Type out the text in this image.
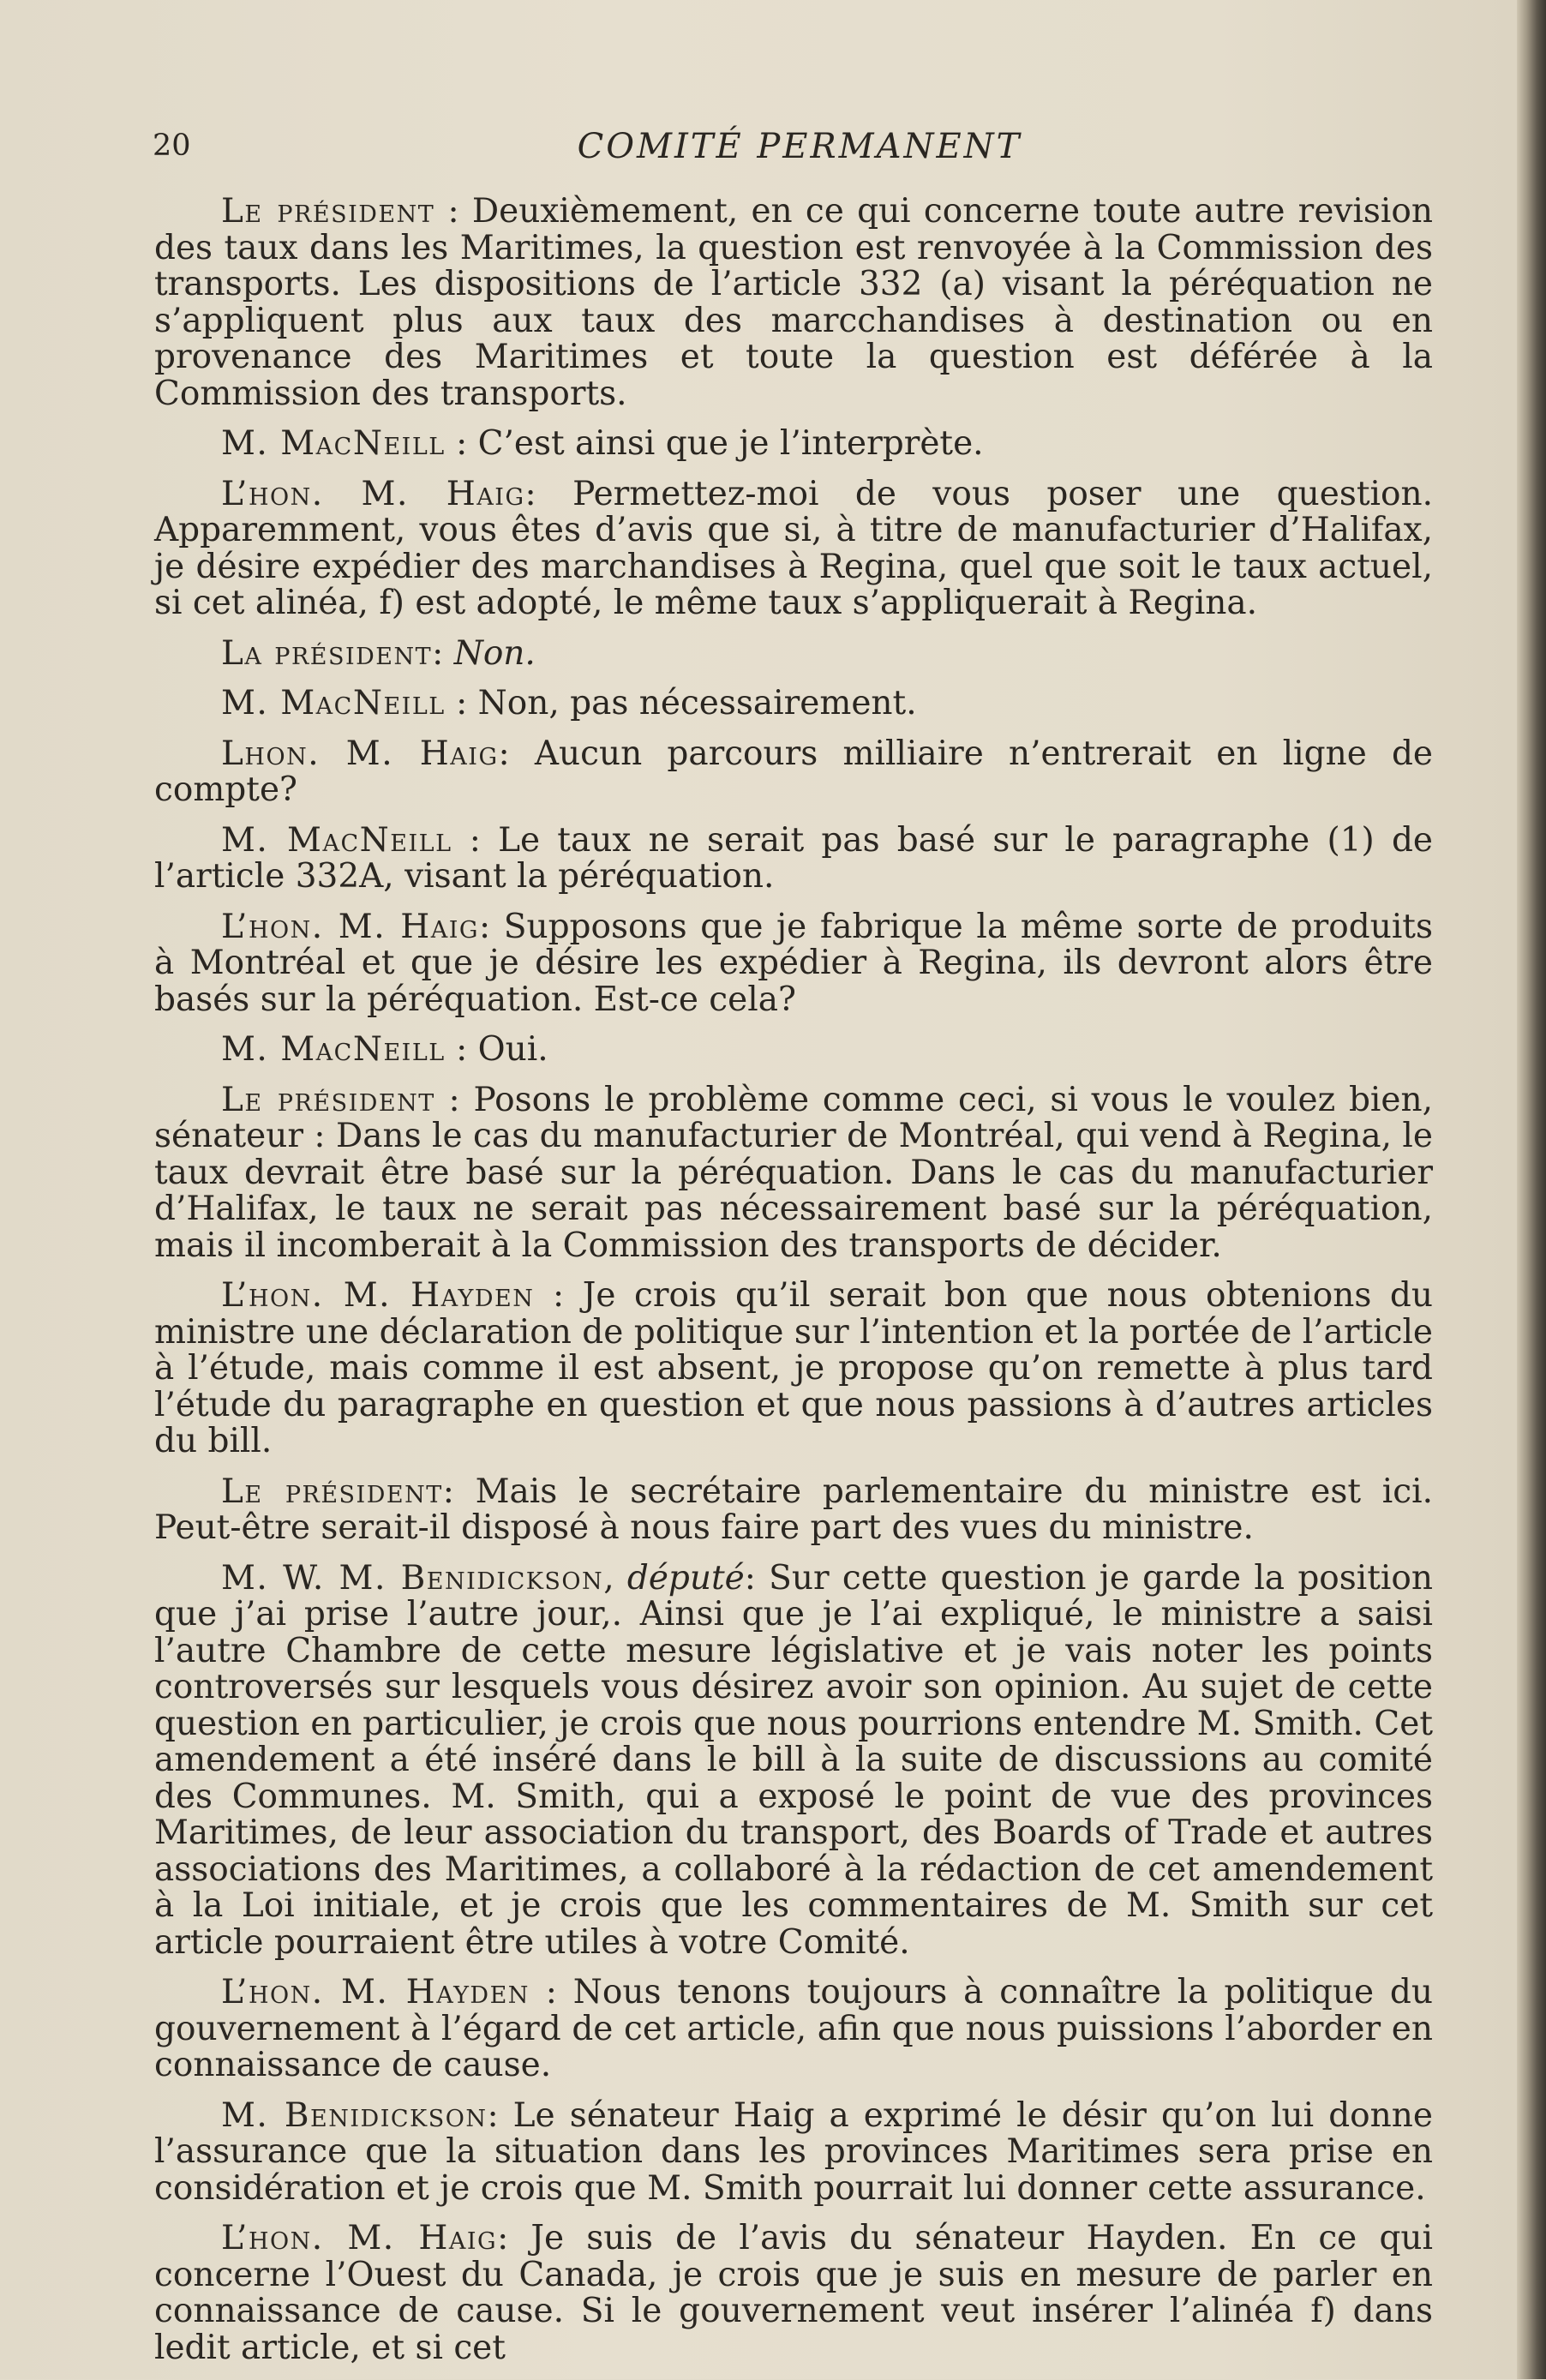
20	COMITÉ PERMANENT

Le président : Deuxièmement, en ce qui concerne toute autre revision des taux dans les Maritimes, la question est renvoyée à la Commission des transports. Les dispositions de l’article 332 (a) visant la péréquation ne s’appliquent plus aux taux des marcchandises à destination ou en provenance des Maritimes et toute la question est déférée à la Commission des transports.

M. MacNeill : C’est ainsi que je l’interprète.

L’hon. M. Haig: Permettez-moi de vous poser une question. Apparemment, vous êtes d’avis que si, à titre de manufacturier d’Halifax, je désire expédier des marchandises à Regina, quel que soit le taux actuel, si cet alinéa, f) est adopté, le même taux s’appliquerait à Regina.

La président: Non.

M. MacNeill : Non, pas nécessairement.

Lhon. M. Haig: Aucun parcours milliaire n’entrerait en ligne de compte?

M. MacNeill : Le taux ne serait pas basé sur le paragraphe (1) de l’article 332A, visant la péréquation.

L’hon. M. Haig: Supposons que je fabrique la même sorte de produits à Montréal et que je désire les expédier à Regina, ils devront alors être basés sur la péréquation. Est-ce cela?

M. MacNeill : Oui.

Le président : Posons le problème comme ceci, si vous le voulez bien, sénateur : Dans le cas du manufacturier de Montréal, qui vend à Regina, le taux devrait être basé sur la péréquation. Dans le cas du manufacturier d’Halifax, le taux ne serait pas nécessairement basé sur la péréquation, mais il incomberait à la Commission des transports de décider.

L’hon. M. Hayden : Je crois qu’il serait bon que nous obtenions du ministre une déclaration de politique sur l’intention et la portée de l’article à l’étude, mais comme il est absent, je propose qu’on remette à plus tard l’étude du paragraphe en question et que nous passions à d’autres articles du bill.

Le président: Mais le secrétaire parlementaire du ministre est ici. Peut-être serait-il disposé à nous faire part des vues du ministre.

M. W. M. Benidickson, député: Sur cette question je garde la position que j’ai prise l’autre jour,. Ainsi que je l’ai expliqué, le ministre a saisi l’autre Chambre de cette mesure législative et je vais noter les points controversés sur lesquels vous désirez avoir son opinion. Au sujet de cette question en particulier, je crois que nous pourrions entendre M. Smith. Cet amendement a été inséré dans le bill à la suite de discussions au comité des Communes. M. Smith, qui a exposé le point de vue des provinces Maritimes, de leur association du transport, des Boards of Trade et autres associations des Maritimes, a collaboré à la rédaction de cet amendement à la Loi initiale, et je crois que les commentaires de M. Smith sur cet article pourraient être utiles à votre Comité.

L’hon. M. Hayden : Nous tenons toujours à connaître la politique du gouvernement à l’égard de cet article, afin que nous puissions l’aborder en connaissance de cause.

M. Benidickson: Le sénateur Haig a exprimé le désir qu’on lui donne l’assurance que la situation dans les provinces Maritimes sera prise en considération et je crois que M. Smith pourrait lui donner cette assurance.

L’hon. M. Haig: Je suis de l’avis du sénateur Hayden. En ce qui concerne l’Ouest du Canada, je crois que je suis en mesure de parler en connaissance de cause. Si le gouvernement veut insérer l’alinéa f) dans ledit article, et si cet
